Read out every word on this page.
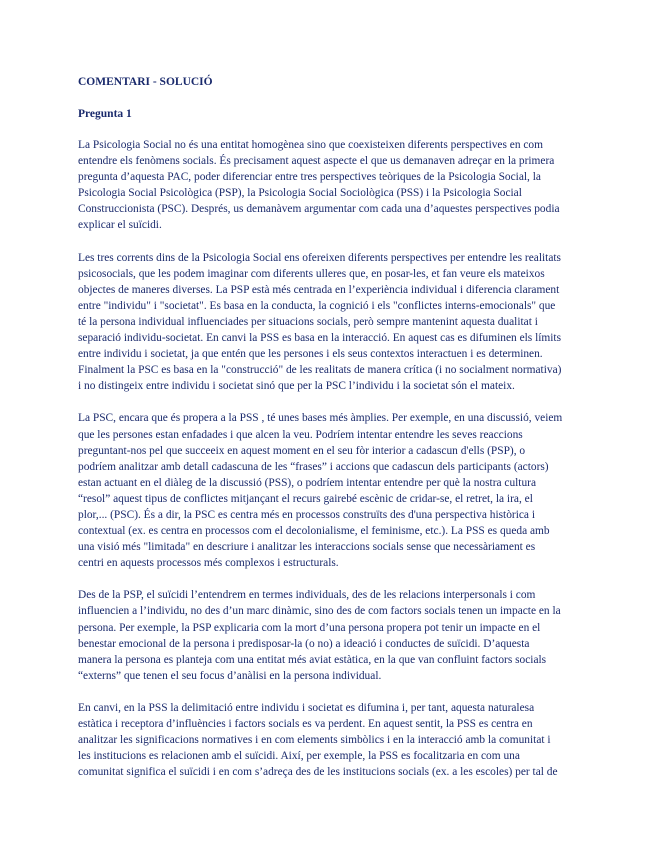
COMENTARI - SOLUCIÓ
Pregunta 1
La Psicologia Social no és una entitat homogènea sino que coexisteixen diferents perspectives en com
entendre els fenòmens socials. És precisament aquest aspecte el que us demanaven adreçar en la primera
pregunta d’aquesta PAC, poder diferenciar entre tres perspectives teòriques de la Psicologia Social, la
Psicologia Social Psicològica (PSP), la Psicologia Social Sociològica (PSS) i la Psicologia Social
Construccionista (PSC). Després, us demanàvem argumentar com cada una d’aquestes perspectives podia
explicar el suïcidi.
Les tres corrents dins de la Psicologia Social ens ofereixen diferents perspectives per entendre les realitats
psicosocials, que les podem imaginar com diferents ulleres que, en posar-les, et fan veure els mateixos
objectes de maneres diverses. La PSP està més centrada en l’experiència individual i diferencia clarament
entre "individu" i "societat". Es basa en la conducta, la cognició i els "conflictes interns-emocionals" que
té la persona individual influenciades per situacions socials, però sempre mantenint aquesta dualitat i
separació individu-societat. En canvi la PSS es basa en la interacció. En aquest cas es difuminen els límits
entre individu i societat, ja que entén que les persones i els seus contextos interactuen i es determinen.
Finalment la PSC es basa en la "construcció" de les realitats de manera crítica (i no socialment normativa)
i no distingeix entre individu i societat sinó que per la PSC l’individu i la societat són el mateix.
La PSC, encara que és propera a la PSS , té unes bases més àmplies. Per exemple, en una discussió, veiem
que les persones estan enfadades i que alcen la veu. Podríem intentar entendre les seves reaccions
preguntant-nos pel que succeeix en aquest moment en el seu fòr interior a cadascun d'ells (PSP), o
podríem analitzar amb detall cadascuna de les “frases” i accions que cadascun dels participants (actors)
estan actuant en el diàleg de la discussió (PSS), o podríem intentar entendre per què la nostra cultura
“resol” aquest tipus de conflictes mitjançant el recurs gairebé escènic de cridar-se, el retret, la ira, el
plor,... (PSC). És a dir, la PSC es centra més en processos construïts des d'una perspectiva històrica i
contextual (ex. es centra en processos com el decolonialisme, el feminisme, etc.). La PSS es queda amb
una visió més "limitada" en descriure i analitzar les interaccions socials sense que necessàriament es
centri en aquests processos més complexos i estructurals.
Des de la PSP, el suïcidi l’entendrem en termes individuals, des de les relacions interpersonals i com
influencien a l’individu, no des d’un marc dinàmic, sino des de com factors socials tenen un impacte en la
persona. Per exemple, la PSP explicaria com la mort d’una persona propera pot tenir un impacte en el
benestar emocional de la persona i predisposar-la (o no) a ideació i conductes de suïcidi. D’aquesta
manera la persona es planteja com una entitat més aviat estàtica, en la que van confluint factors socials
“externs” que tenen el seu focus d’anàlisi en la persona individual.
En canvi, en la PSS la delimitació entre individu i societat es difumina i, per tant, aquesta naturalesa
estàtica i receptora d’influències i factors socials es va perdent. En aquest sentit, la PSS es centra en
analitzar les significacions normatives i en com elements simbòlics i en la interacció amb la comunitat i
les institucions es relacionen amb el suïcidi. Així, per exemple, la PSS es focalitzaria en com una
comunitat significa el suïcidi i en com s’adreça des de les institucions socials (ex. a les escoles) per tal de
